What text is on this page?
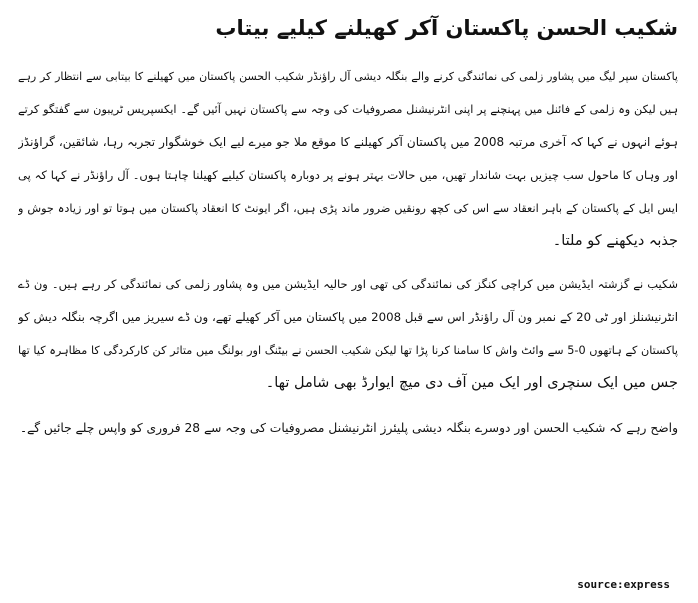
شکیب الحسن پاکستان آکر کھیلنے کیلیے بیتاب

پاکستان سپر لیگ میں پشاور زلمی کی نمائندگی کرنے والے بنگلہ دیشی آل راؤنڈر شکیب الحسن پاکستان میں کھیلنے کا بیتابی سے انتظار کر رہے
ہیں لیکن وہ زلمی کے فائنل میں پہنچنے پر اپنی انٹرنیشنل مصروفیات کی وجہ سے پاکستان نہیں آئیں گے۔ ایکسپریس ٹریبون سے گفتگو کرتے
ہوئے انہوں نے کہا کہ آخری مرتبہ 2008 میں پاکستان آکر کھیلنے کا موقع ملا جو میرے لیے ایک خوشگوار تجربہ رہا، شائقین، گراؤنڈز
اور وہاں کا ماحول سب چیزیں بہت شاندار تھیں، میں حالات بہتر ہونے پر دوبارہ پاکستان کیلیے کھیلنا چاہتا ہوں۔ آل راؤنڈر نے کہا کہ پی
ایس ایل کے پاکستان کے باہر انعقاد سے اس کی کچھ رونقیں ضرور ماند پڑی ہیں، اگر ایونٹ کا انعقاد پاکستان میں ہوتا تو اور زیادہ جوش و
جذبہ دیکھنے کو ملتا۔

شکیب نے گزشتہ ایڈیشن میں کراچی کنگز کی نمائندگی کی تھی اور حالیہ ایڈیشن میں وہ پشاور زلمی کی نمائندگی کر رہے ہیں۔ ون ڈے
انٹرنیشنلز اور ٹی 20 کے نمبر ون آل راؤنڈر اس سے قبل 2008 میں پاکستان میں آکر کھیلے تھے، ون ڈے سیریز میں اگرچہ بنگلہ دیش کو
پاکستان کے ہاتھوں 0-5 سے وائٹ واش کا سامنا کرنا پڑا تھا لیکن شکیب الحسن نے بیٹنگ اور بولنگ میں متاثر کن کارکردگی کا مظاہرہ کیا تھا
جس میں ایک سنچری اور ایک مین آف دی میچ ایوارڈ بھی شامل تھا۔

واضح رہے کہ شکیب الحسن اور دوسرے بنگلہ دیشی پلیئرز انٹرنیشنل مصروفیات کی وجہ سے 28 فروری کو واپس چلے جائیں گے۔

source:express
